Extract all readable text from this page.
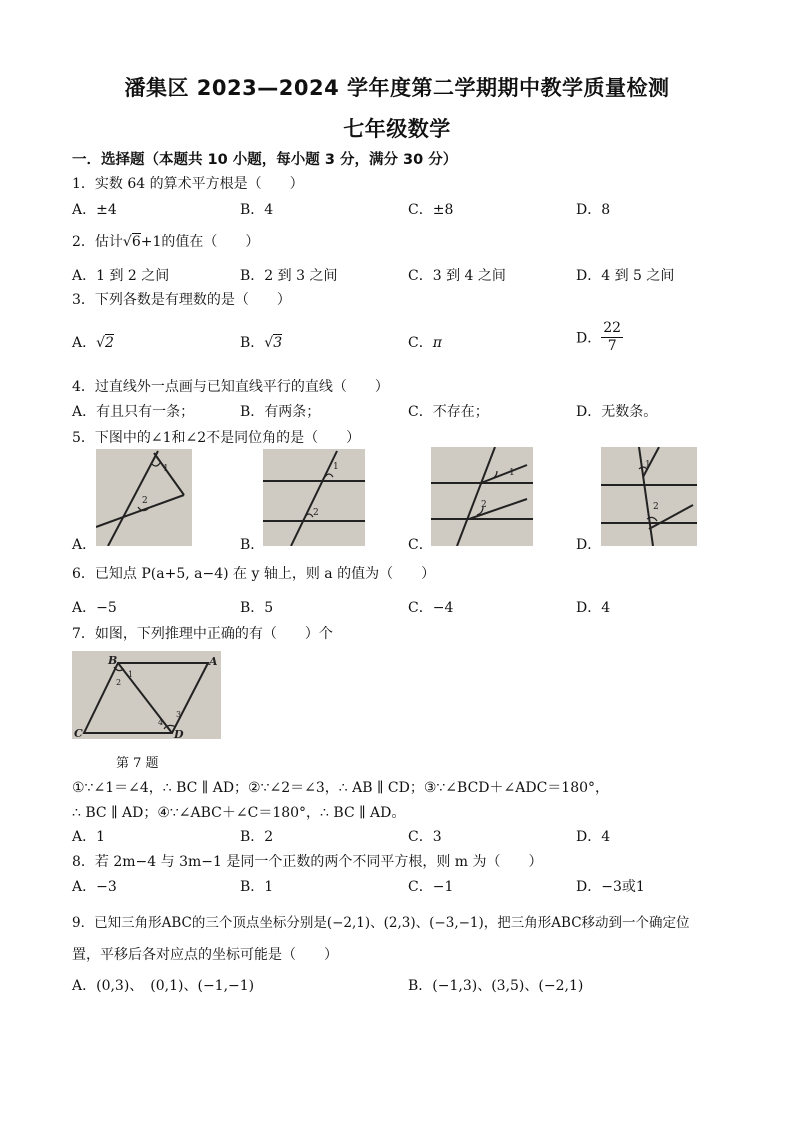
潘集区 2023—2024 学年度第二学期期中教学质量检测
七年级数学
一．选择题（本题共 10 小题，每小题 3 分，满分 30 分）
1．实数 64 的算术平方根是（　　）
A．±4	B．4	C．±8	D．8
2．估计√6+1的值在（　　）
A．1 到 2 之间	B．2 到 3 之间	C．3 到 4 之间	D．4 到 5 之间
3．下列各数是有理数的是（　　）
A．√2	B．√3	C．π	D． $\frac{22}{7}$
4．过直线外一点画与已知直线平行的直线（　　）
A．有且只有一条；	B．有两条；	C．不存在；	D．无数条。
5．下图中的∠1和∠2不是同位角的是（　　）
1
2
A．
1
2
B．
1
2
C．
1
2
D．
6．已知点 P(a+5, a−4) 在 y 轴上，则 a 的值为（　　）
A．−5	B．5	C．−4	D．4
7．如图，下列推理中正确的有（　　）个
B	A
C	D
1
2
3
4
第 7 题
①∵∠1＝∠4，∴ BC ∥ AD；②∵∠2＝∠3，∴ AB ∥ CD；③∵∠BCD＋∠ADC＝180°，
∴ BC ∥ AD；④∵∠ABC＋∠C＝180°，∴ BC ∥ AD。
A．1	B．2	C．3	D．4
8．若 2m−4 与 3m−1 是同一个正数的两个不同平方根，则 m 为（　　）
A．−3	B．1	C．−1	D．−3或1
9．已知三角形ABC的三个顶点坐标分别是(−2,1)、(2,3)、(−3,−1)，把三角形ABC移动到一个确定位
置，平移后各对应点的坐标可能是（　　）
A．(0,3)、　(0,1)、(−1,−1)	B．(−1,3)、(3,5)、(−2,1)
